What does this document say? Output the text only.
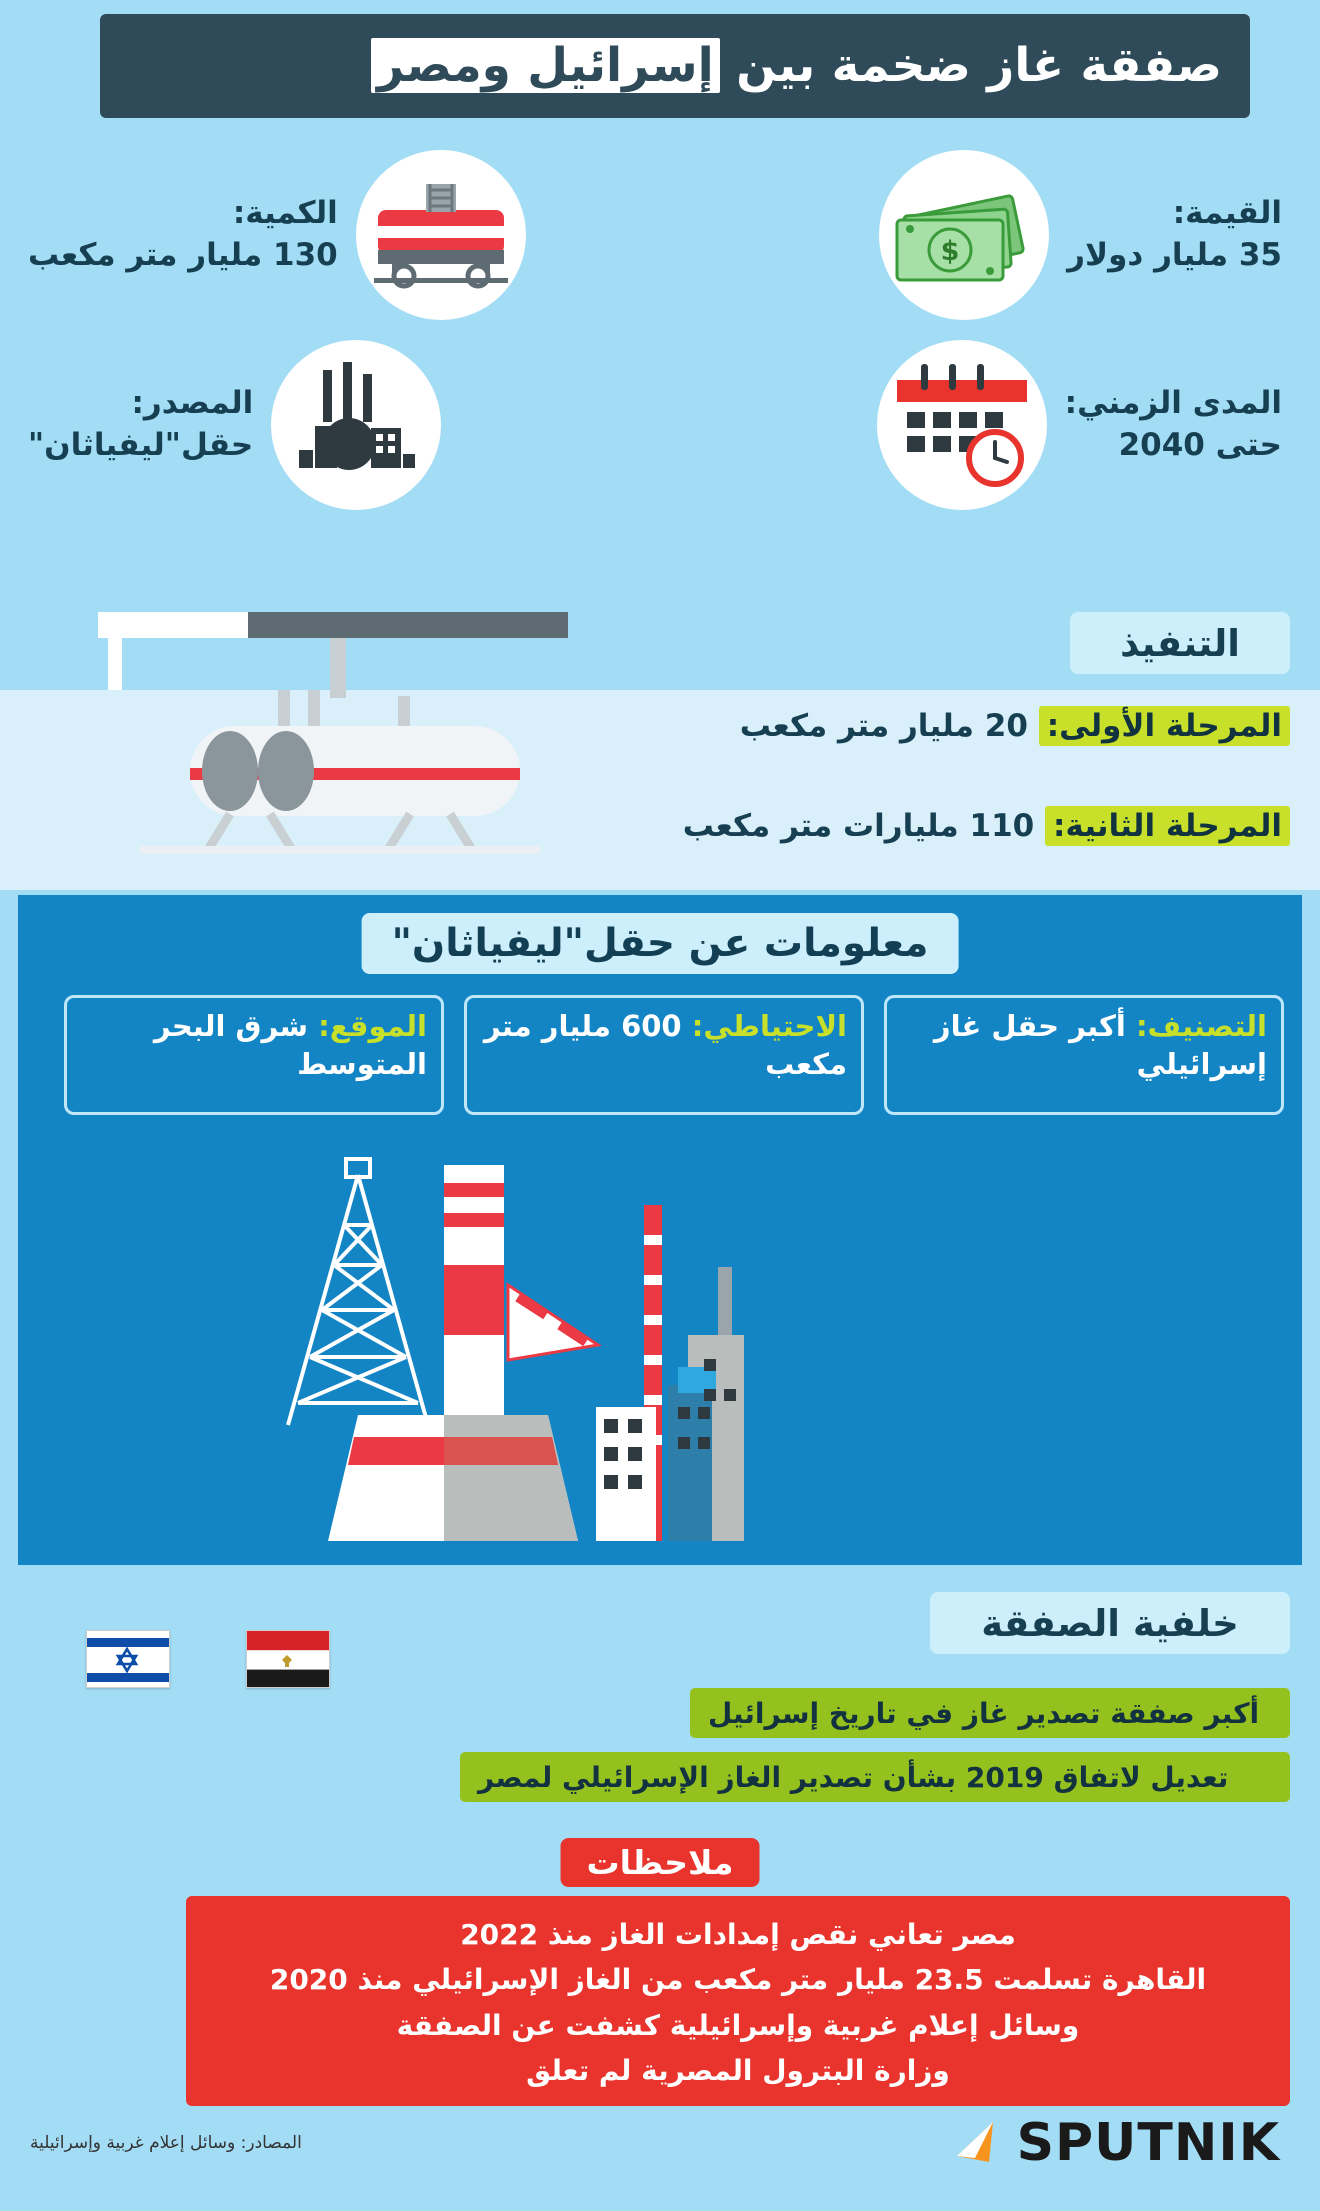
صفقة غاز ضخمة بين إسرائيل ومصر
القيمة:
35 مليار دولار
$
الكمية:
130 مليار متر مكعب
المدى الزمني:
حتى 2040
المصدر:
حقل"ليفياثان"
التنفيذ
المرحلة الأولى: 20 مليار متر مكعب
المرحلة الثانية: 110 مليارات متر مكعب
معلومات عن حقل"ليفياثان"
التصنيف: أكبر حقل غاز إسرائيلي
الاحتياطي: 600 مليار متر مكعب
الموقع: شرق البحر المتوسط
خلفية الصفقة
أكبر صفقة تصدير غاز في تاريخ إسرائيل
تعديل لاتفاق 2019 بشأن تصدير الغاز الإسرائيلي لمصر
ملاحظات
مصر تعاني نقص إمدادات الغاز منذ 2022
القاهرة تسلمت 23.5 مليار متر مكعب من الغاز الإسرائيلي منذ 2020
وسائل إعلام غربية وإسرائيلية كشفت عن الصفقة
وزارة البترول المصرية لم تعلق
المصادر: وسائل إعلام غربية وإسرائيلية	SPUTNIK
